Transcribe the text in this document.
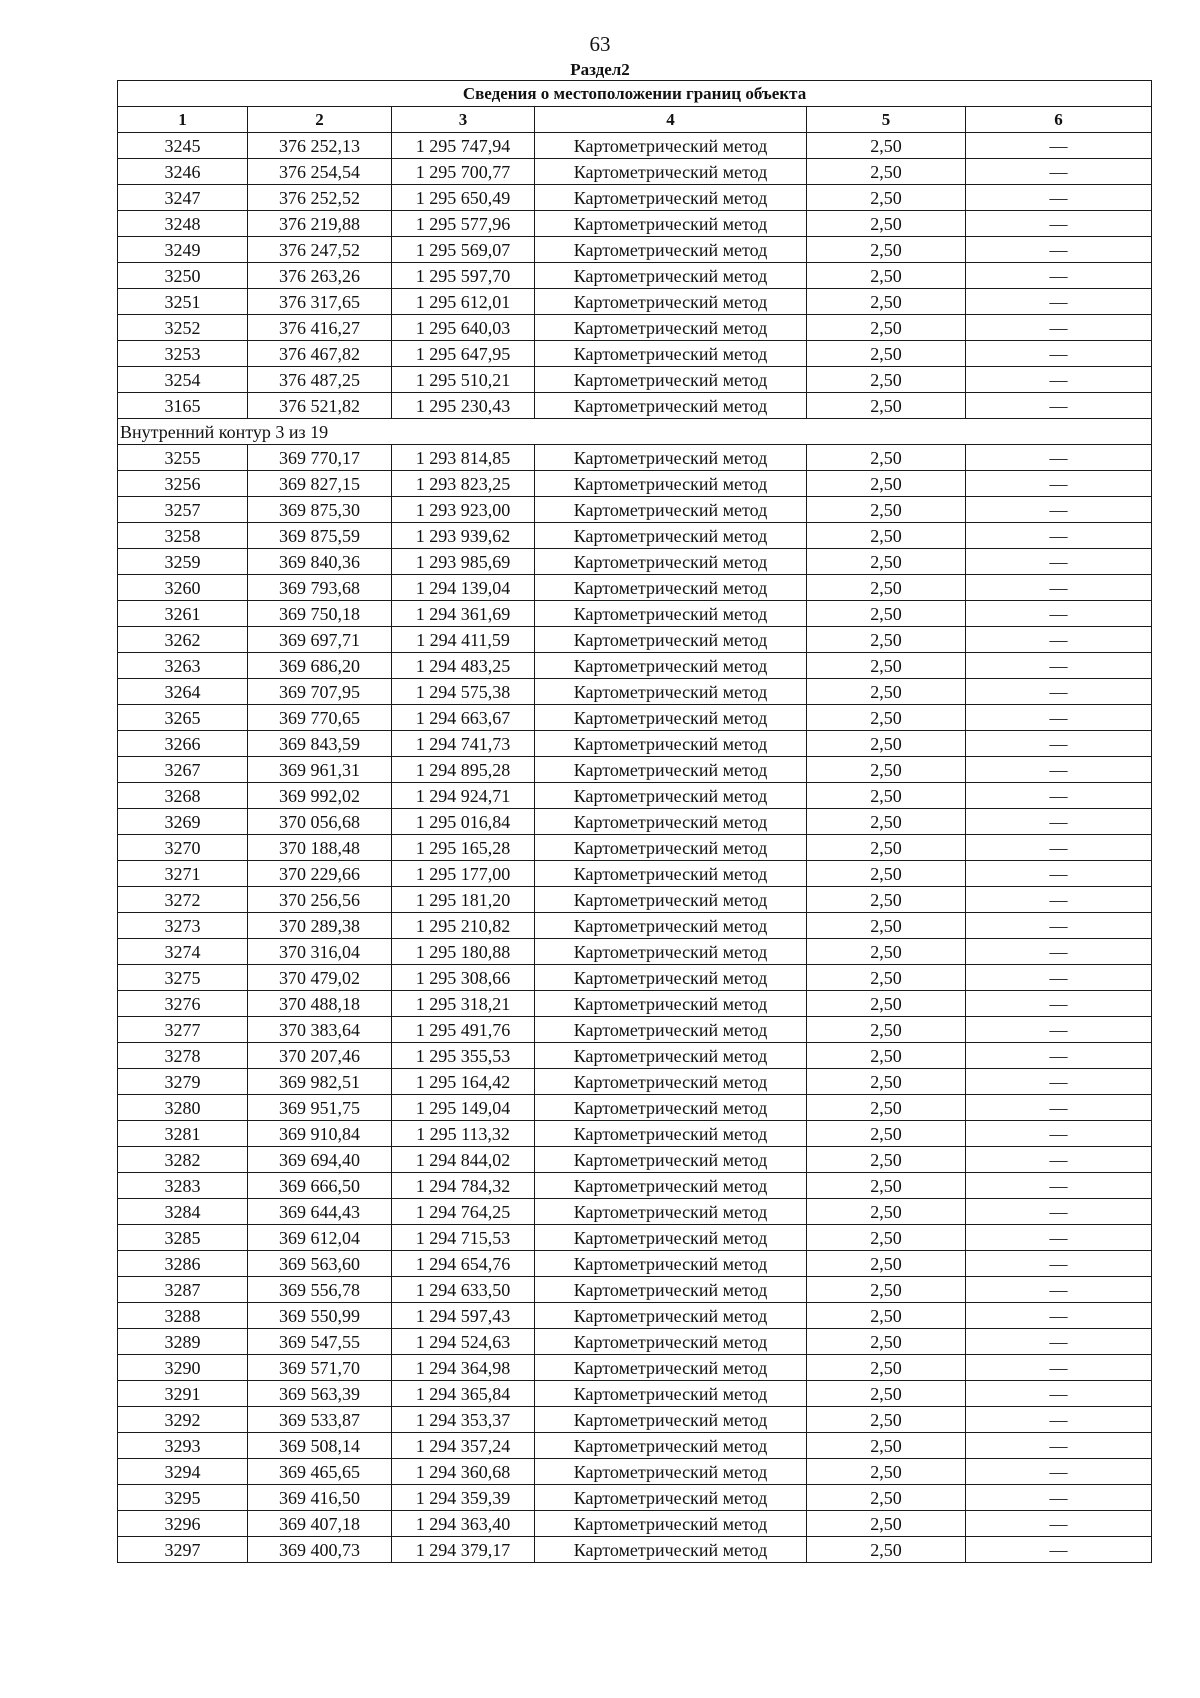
63
Раздел2
Сведения о местоположении границ объекта					
1	2	3	4	5	6
3245	376 252,13	1 295 747,94	Картометрический метод	2,50	—
3246	376 254,54	1 295 700,77	Картометрический метод	2,50	—
3247	376 252,52	1 295 650,49	Картометрический метод	2,50	—
3248	376 219,88	1 295 577,96	Картометрический метод	2,50	—
3249	376 247,52	1 295 569,07	Картометрический метод	2,50	—
3250	376 263,26	1 295 597,70	Картометрический метод	2,50	—
3251	376 317,65	1 295 612,01	Картометрический метод	2,50	—
3252	376 416,27	1 295 640,03	Картометрический метод	2,50	—
3253	376 467,82	1 295 647,95	Картометрический метод	2,50	—
3254	376 487,25	1 295 510,21	Картометрический метод	2,50	—
3165	376 521,82	1 295 230,43	Картометрический метод	2,50	—
Внутренний контур 3 из 19					
3255	369 770,17	1 293 814,85	Картометрический метод	2,50	—
3256	369 827,15	1 293 823,25	Картометрический метод	2,50	—
3257	369 875,30	1 293 923,00	Картометрический метод	2,50	—
3258	369 875,59	1 293 939,62	Картометрический метод	2,50	—
3259	369 840,36	1 293 985,69	Картометрический метод	2,50	—
3260	369 793,68	1 294 139,04	Картометрический метод	2,50	—
3261	369 750,18	1 294 361,69	Картометрический метод	2,50	—
3262	369 697,71	1 294 411,59	Картометрический метод	2,50	—
3263	369 686,20	1 294 483,25	Картометрический метод	2,50	—
3264	369 707,95	1 294 575,38	Картометрический метод	2,50	—
3265	369 770,65	1 294 663,67	Картометрический метод	2,50	—
3266	369 843,59	1 294 741,73	Картометрический метод	2,50	—
3267	369 961,31	1 294 895,28	Картометрический метод	2,50	—
3268	369 992,02	1 294 924,71	Картометрический метод	2,50	—
3269	370 056,68	1 295 016,84	Картометрический метод	2,50	—
3270	370 188,48	1 295 165,28	Картометрический метод	2,50	—
3271	370 229,66	1 295 177,00	Картометрический метод	2,50	—
3272	370 256,56	1 295 181,20	Картометрический метод	2,50	—
3273	370 289,38	1 295 210,82	Картометрический метод	2,50	—
3274	370 316,04	1 295 180,88	Картометрический метод	2,50	—
3275	370 479,02	1 295 308,66	Картометрический метод	2,50	—
3276	370 488,18	1 295 318,21	Картометрический метод	2,50	—
3277	370 383,64	1 295 491,76	Картометрический метод	2,50	—
3278	370 207,46	1 295 355,53	Картометрический метод	2,50	—
3279	369 982,51	1 295 164,42	Картометрический метод	2,50	—
3280	369 951,75	1 295 149,04	Картометрический метод	2,50	—
3281	369 910,84	1 295 113,32	Картометрический метод	2,50	—
3282	369 694,40	1 294 844,02	Картометрический метод	2,50	—
3283	369 666,50	1 294 784,32	Картометрический метод	2,50	—
3284	369 644,43	1 294 764,25	Картометрический метод	2,50	—
3285	369 612,04	1 294 715,53	Картометрический метод	2,50	—
3286	369 563,60	1 294 654,76	Картометрический метод	2,50	—
3287	369 556,78	1 294 633,50	Картометрический метод	2,50	—
3288	369 550,99	1 294 597,43	Картометрический метод	2,50	—
3289	369 547,55	1 294 524,63	Картометрический метод	2,50	—
3290	369 571,70	1 294 364,98	Картометрический метод	2,50	—
3291	369 563,39	1 294 365,84	Картометрический метод	2,50	—
3292	369 533,87	1 294 353,37	Картометрический метод	2,50	—
3293	369 508,14	1 294 357,24	Картометрический метод	2,50	—
3294	369 465,65	1 294 360,68	Картометрический метод	2,50	—
3295	369 416,50	1 294 359,39	Картометрический метод	2,50	—
3296	369 407,18	1 294 363,40	Картометрический метод	2,50	—
3297	369 400,73	1 294 379,17	Картометрический метод	2,50	—
